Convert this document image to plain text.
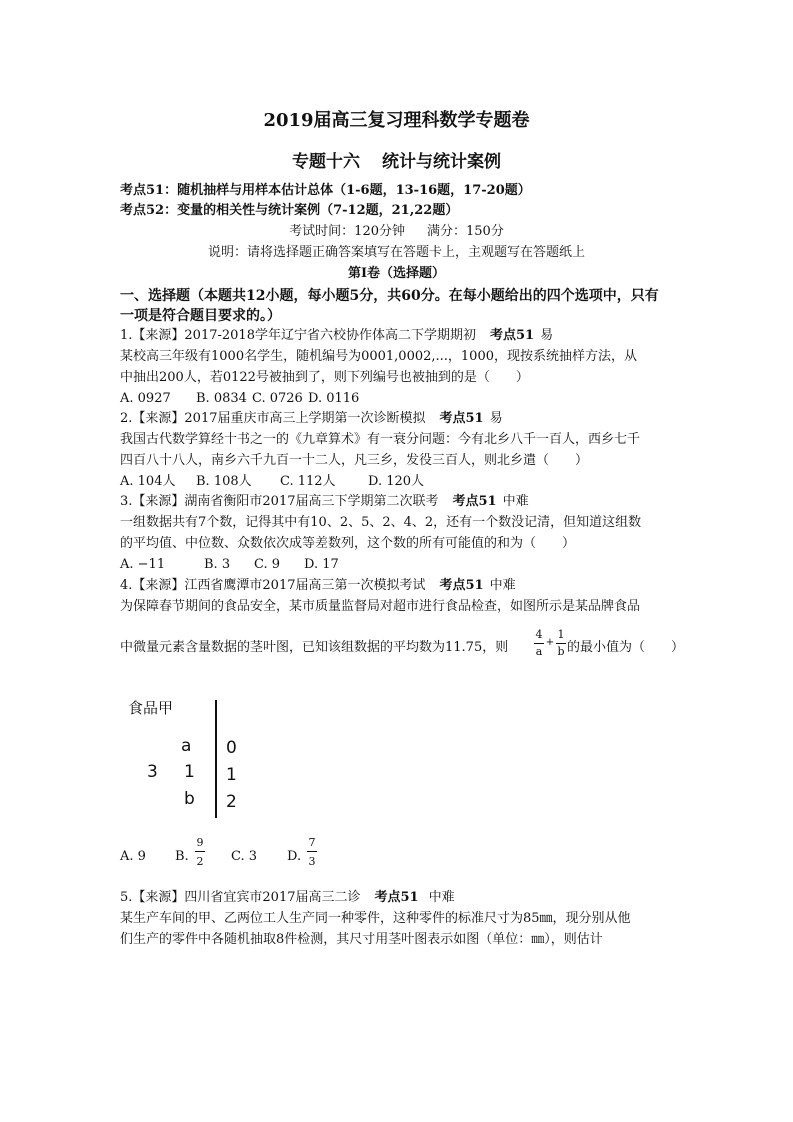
2019届高三复习理科数学专题卷
专题十六 统计与统计案例
考点51：随机抽样与用样本估计总体（1-6题，13-16题，17-20题）
考点52：变量的相关性与统计案例（7-12题，21,22题）
考试时间：120分钟 满分：150分
说明：请将选择题正确答案填写在答题卡上，主观题写在答题纸上
第I卷（选择题）
一、选择题（本题共12小题，每小题5分，共60分。在每小题给出的四个选项中，只有
一项是符合题目要求的。）
1.【来源】2017-2018学年辽宁省六校协作体高二下学期期初 考点51 易
某校高三年级有1000名学生，随机编号为0001,0002,...，1000，现按系统抽样方法，从
中抽出200人，若0122号被抽到了，则下列编号也被抽到的是（　　）
A. 0927 B. 0834 C. 0726 D. 0116
2.【来源】2017届重庆市高三上学期第一次诊断模拟 考点51 易
我国古代数学算经十书之一的《九章算术》有一衰分问题：今有北乡八千一百人，西乡七千
四百八十八人，南乡六千九百一十二人，凡三乡，发役三百人，则北乡遣（　　）
A. 104人 B. 108人 C. 112人 D. 120人
3.【来源】湖南省衡阳市2017届高三下学期第二次联考 考点51 中难
一组数据共有7个数，记得其中有10、2、5、2、4、2，还有一个数没记清，但知道这组数
的平均值、中位数、众数依次成等差数列，这个数的所有可能值的和为（　　）
A. −11	B. 3 C. 9 D. 17
4.【来源】江西省鹰潭市2017届高三第一次模拟考试 考点51 中难
为保障春节期间的食品安全，某市质量监督局对超市进行食品检查，如图所示是某品牌食品
中微量元素含量数据的茎叶图，已知该组数据的平均数为11.75，则
4
a
+
1
b 的最小值为（　　）
食品甲
a
3 1
b
0
1
2
A. 9 B.
9
2 C. 3 D.
7
3
5.【来源】四川省宜宾市2017届高三二诊 考点51 中难
某生产车间的甲、乙两位工人生产同一种零件，这种零件的标准尺寸为85㎜，现分别从他
们生产的零件中各随机抽取8件检测，其尺寸用茎叶图表示如图（单位：㎜），则估计
